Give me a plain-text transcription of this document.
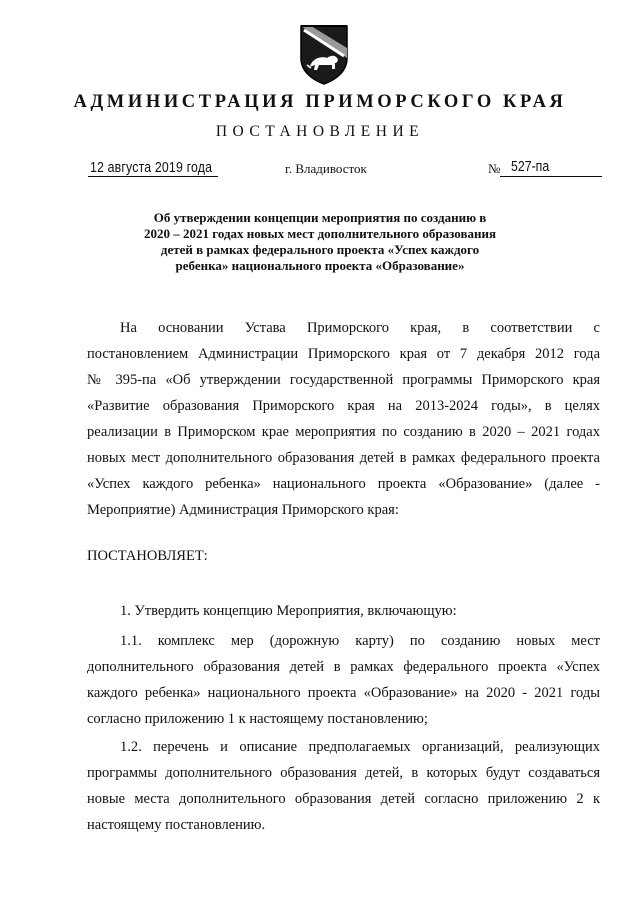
АДМИНИСТРАЦИЯ ПРИМОРСКОГО КРАЯ
ПОСТАНОВЛЕНИЕ
12 августа 2019 года	г. Владивосток	№ 527-па
Об утверждении концепции мероприятия по созданию в
2020 – 2021 годах новых мест дополнительного образования
детей в рамках федерального проекта «Успех каждого
ребенка» национального проекта «Образование»
На основании Устава Приморского края, в соответствии с
постановлением Администрации Приморского края от 7 декабря 2012 года
№ 395-па «Об утверждении государственной программы Приморского края
«Развитие образования Приморского края на 2013-2024 годы», в целях
реализации в Приморском крае мероприятия по созданию в 2020 – 2021 годах
новых мест дополнительного образования детей в рамках федерального проекта
«Успех каждого ребенка» национального проекта «Образование» (далее -
Мероприятие) Администрация Приморского края:
ПОСТАНОВЛЯЕТ:
1. Утвердить концепцию Мероприятия, включающую:
1.1. комплекс мер (дорожную карту) по созданию новых мест
дополнительного образования детей в рамках федерального проекта «Успех
каждого ребенка» национального проекта «Образование» на 2020 - 2021 годы
согласно приложению 1 к настоящему постановлению;
1.2. перечень и описание предполагаемых организаций, реализующих
программы дополнительного образования детей, в которых будут создаваться
новые места дополнительного образования детей согласно приложению 2 к
настоящему постановлению.
